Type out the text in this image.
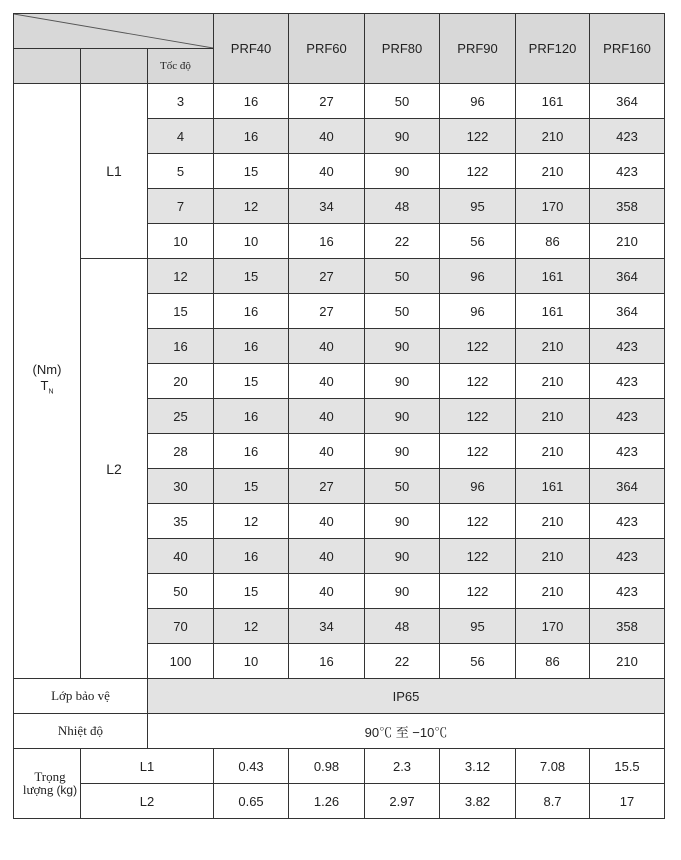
	PRF40	PRF60	PRF80	PRF90	PRF120	PRF160
		Tốc độ						

(Nm)
$T_N$	L1	3	16	27	50	96	161	364
		4	16	40	90	122	210	423
		5	15	40	90	122	210	423
		7	12	34	48	95	170	358
		10	10	16	22	56	86	210
	L2	12	15	27	50	96	161	364
		15	16	27	50	96	161	364
		16	16	40	90	122	210	423
		20	15	40	90	122	210	423
		25	16	40	90	122	210	423
		28	16	40	90	122	210	423
		30	15	27	50	96	161	364
		35	12	40	90	122	210	423
		40	16	40	90	122	210	423
		50	15	40	90	122	210	423
		70	12	34	48	95	170	358
		100	10	16	22	56	86	210
Lớp bảo vệ		IP65						
Nhiệt độ		90℃ 至 −10℃						

Trọng
lượng (kg)	L1		0.43	0.98	2.3	3.12	7.08	15.5
	L2		0.65	1.26	2.97	3.82	8.7	17
